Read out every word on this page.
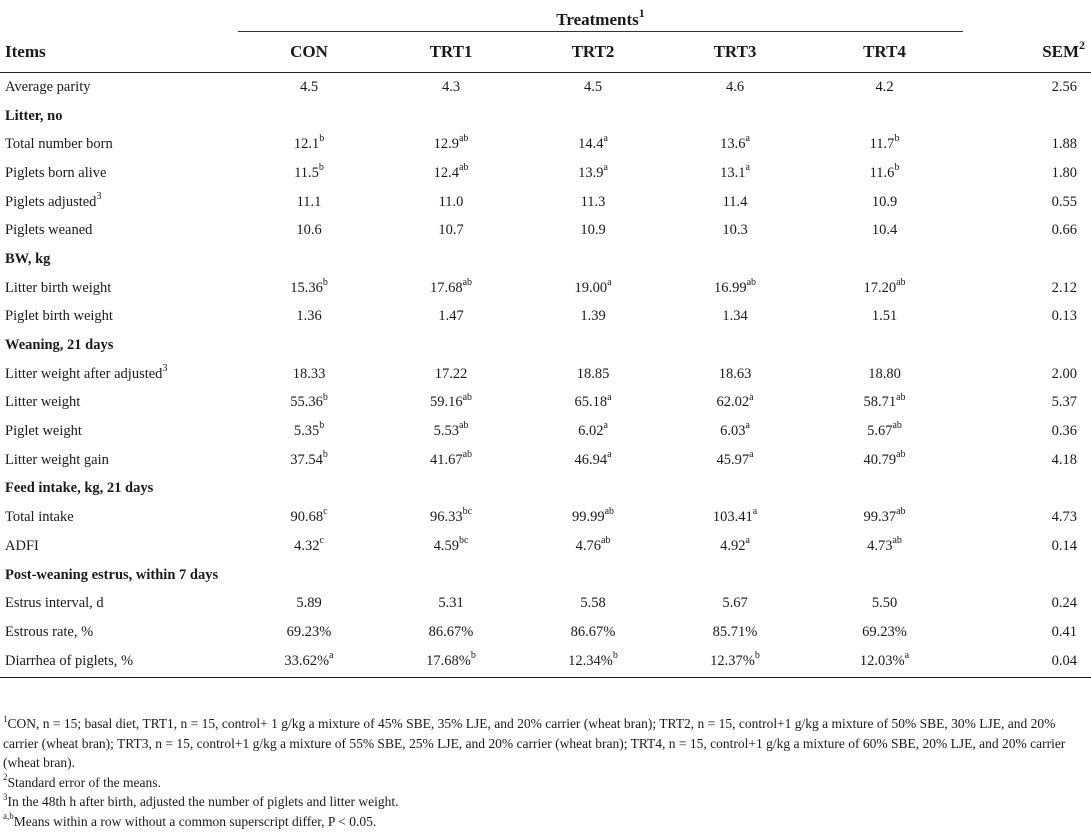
	Treatments$^1$	
Items	CON	TRT1	TRT2	TRT3	TRT4	SEM$^2$
Average parity	4.5	4.3	4.5	4.6	4.2	2.56
Litter, no						
Total number born	12.1$^b$	12.9$^{ab}$	14.4$^a$	13.6$^a$	11.7$^b$	1.88
Piglets born alive	11.5$^b$	12.4$^{ab}$	13.9$^a$	13.1$^a$	11.6$^b$	1.80
Piglets adjusted$^3$	11.1	11.0	11.3	11.4	10.9	0.55
Piglets weaned	10.6	10.7	10.9	10.3	10.4	0.66
BW, kg						
Litter birth weight	15.36$^b$	17.68$^{ab}$	19.00$^a$	16.99$^{ab}$	17.20$^{ab}$	2.12
Piglet birth weight	1.36	1.47	1.39	1.34	1.51	0.13
Weaning, 21 days						
Litter weight after adjusted$^3$	18.33	17.22	18.85	18.63	18.80	2.00
Litter weight	55.36$^b$	59.16$^{ab}$	65.18$^a$	62.02$^a$	58.71$^{ab}$	5.37
Piglet weight	5.35$^b$	5.53$^{ab}$	6.02$^a$	6.03$^a$	5.67$^{ab}$	0.36
Litter weight gain	37.54$^b$	41.67$^{ab}$	46.94$^a$	45.97$^a$	40.79$^{ab}$	4.18
Feed intake, kg, 21 days						
Total intake	90.68$^c$	96.33$^{bc}$	99.99$^{ab}$	103.41$^a$	99.37$^{ab}$	4.73
ADFI	4.32$^c$	4.59$^{bc}$	4.76$^{ab}$	4.92$^a$	4.73$^{ab}$	0.14
Post-weaning estrus, within 7 days						
Estrus interval, d	5.89	5.31	5.58	5.67	5.50	0.24
Estrous rate, %	69.23%	86.67%	86.67%	85.71%	69.23%	0.41
Diarrhea of piglets, %	33.62%$^a$	17.68%$^b$	12.34%$^b$	12.37%$^b$	12.03%$^a$	0.04

$^1$CON, n = 15; basal diet, TRT1, n = 15, control+ 1 g/kg a mixture of 45% SBE, 35% LJE, and 20% carrier (wheat bran); TRT2, n = 15, control+1 g/kg a mixture of 50% SBE, 30% LJE, and 20% carrier (wheat bran); TRT3, n = 15, control+1 g/kg a mixture of 55% SBE, 25% LJE, and 20% carrier (wheat bran); TRT4, n = 15, control+1 g/kg a mixture of 60% SBE, 20% LJE, and 20% carrier (wheat bran).

$^2$Standard error of the means.

$^3$In the 48th h after birth, adjusted the number of piglets and litter weight.

$^{a,b}$Means within a row without a common superscript differ, P < 0.05.
